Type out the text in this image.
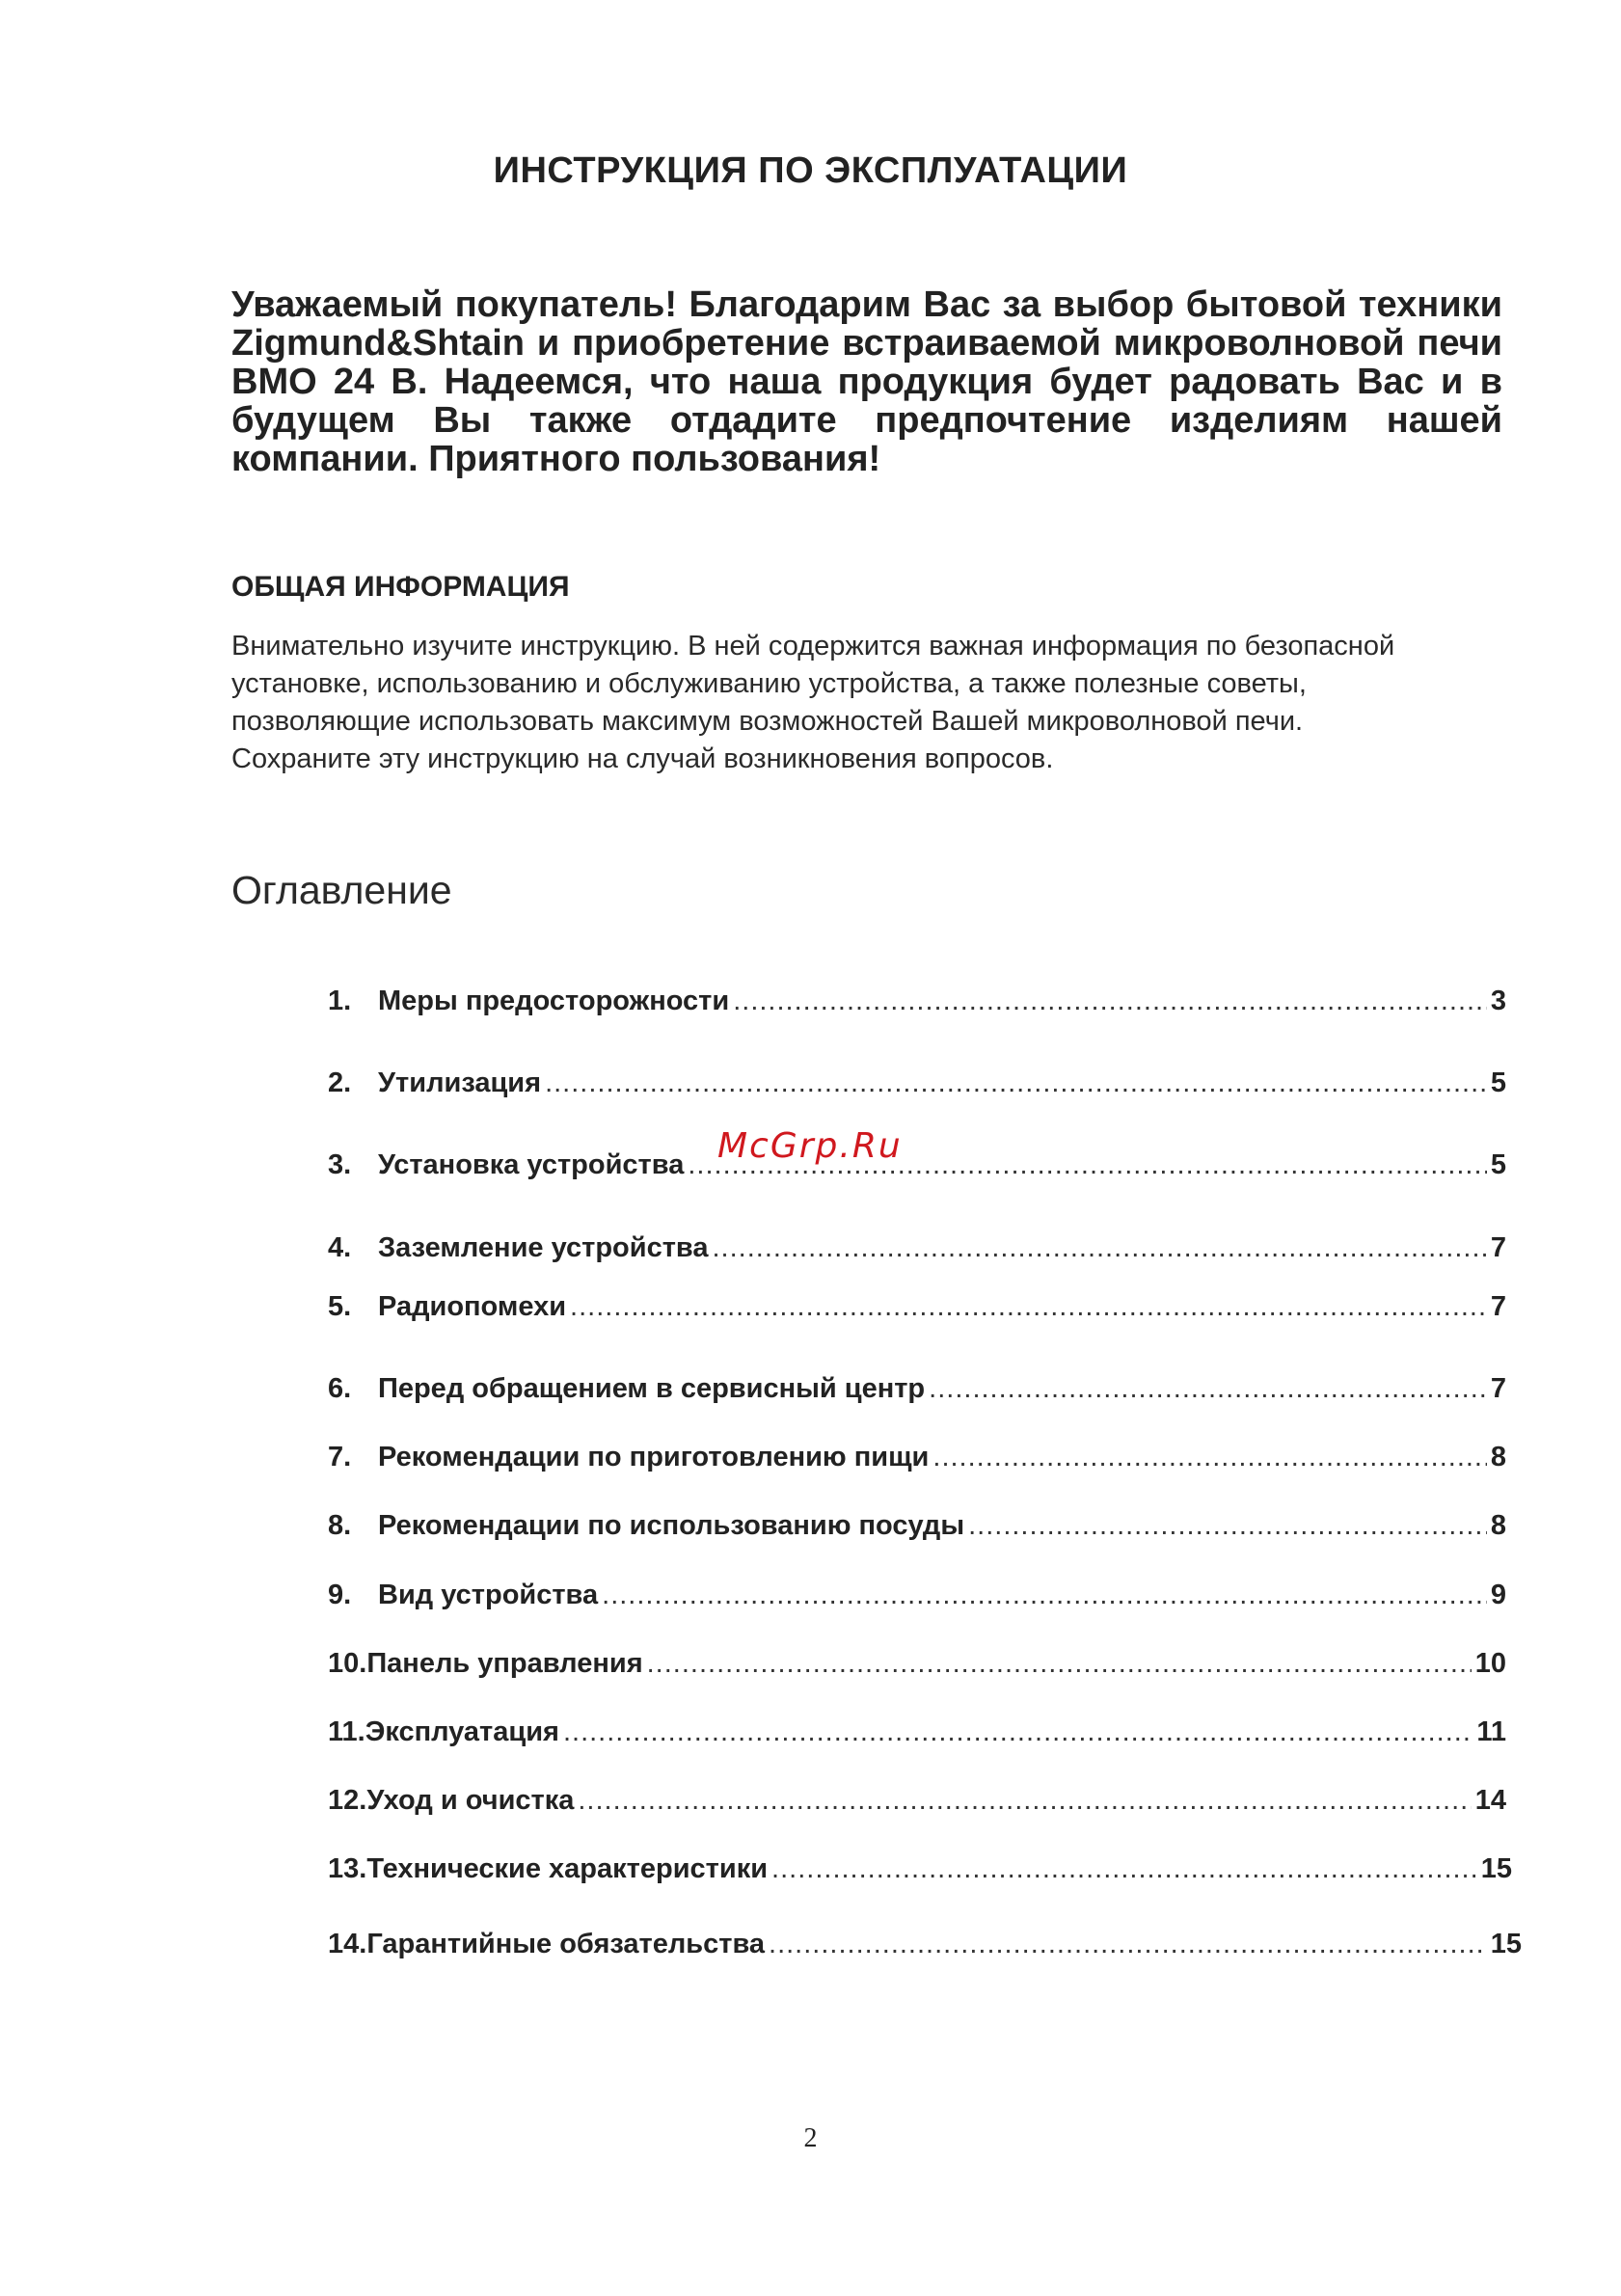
ИНСТРУКЦИЯ ПО ЭКСПЛУАТАЦИИ
Уважаемый покупатель! Благодарим Вас за выбор бытовой техники Zigmund&Shtain и приобретение встраиваемой микроволновой печи ВМО 24 В. Надеемся, что наша продукция будет радовать Вас и в будущем Вы также отдадите предпочтение изделиям нашей компании. Приятного пользования!
ОБЩАЯ ИНФОРМАЦИЯ
Внимательно изучите инструкцию. В ней содержится важная информация по безопасной
установке, использованию и обслуживанию устройства, а также полезные советы,
позволяющие использовать максимум возможностей Вашей микроволновой печи.
Сохраните эту инструкцию на случай возникновения вопросов.
Оглавление
1. Меры предосторожности .....	3
2. Утилизация .....	5
3. Установка устройства .....	5
4. Заземление устройства .....	7
5. Радиопомехи .....	7
6. Перед обращением в сервисный центр .....	7
7. Рекомендации по приготовлению пищи .....	8
8. Рекомендации по использованию посуды .....	8
9. Вид устройства .....	9
10. Панель управления .....	10
11. Эксплуатация .....	11
12. Уход и очистка .....	14
13. Технические характеристики .....	15
14. Гарантийные обязательства .....	15
McGrp.Ru
2
